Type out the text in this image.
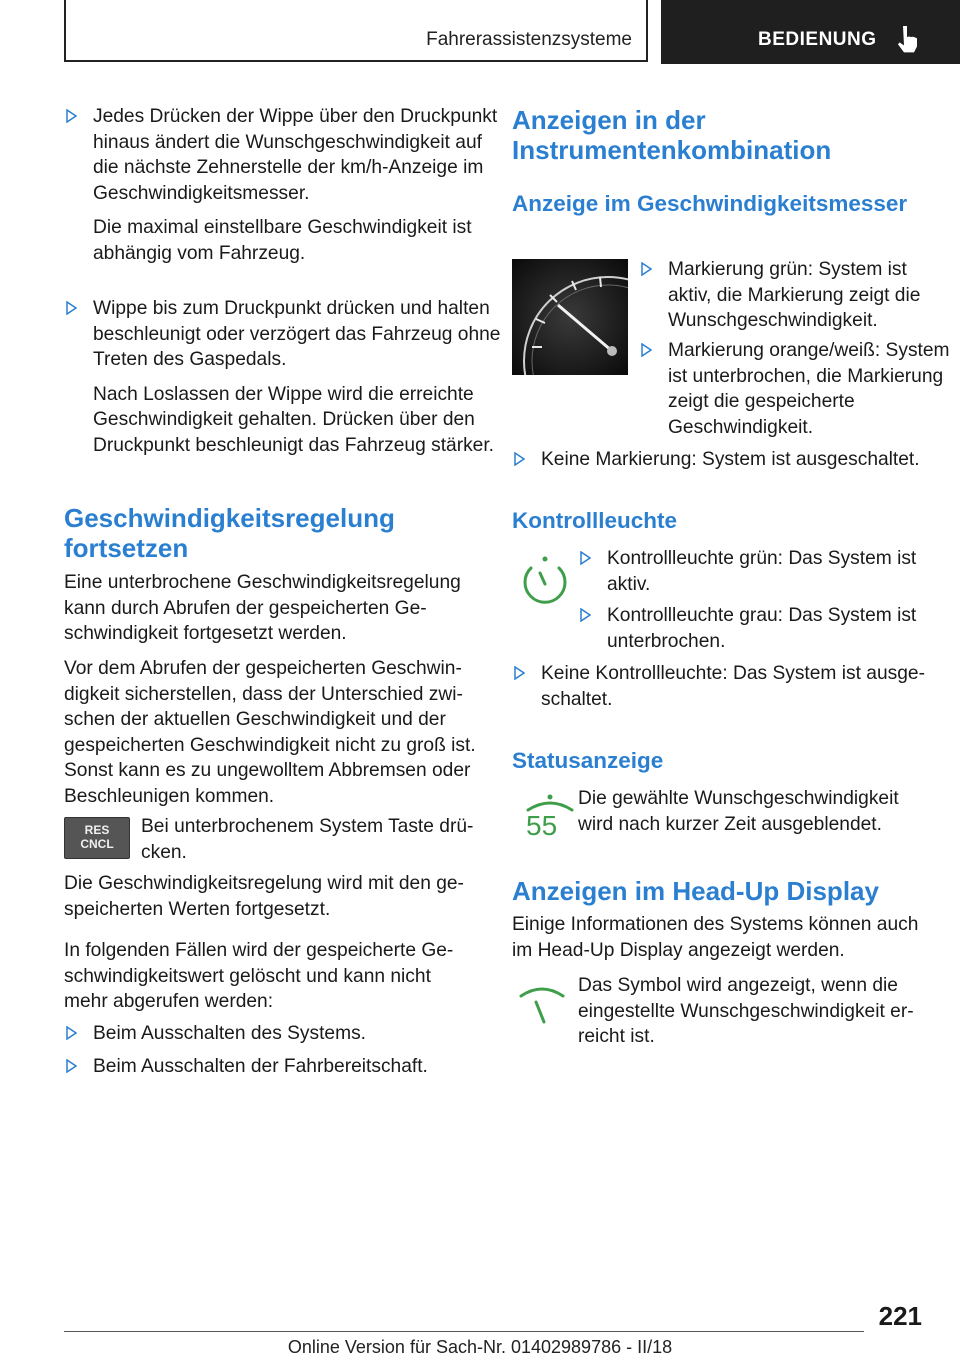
Fahrerassistenzsysteme	BEDIENUNG
Jedes Drücken der Wippe über den Druckpunkt hinaus ändert die Wunschgeschwindigkeit auf die nächste Zehnerstelle der km/h-Anzeige im Geschwindigkeitsmesser.
Die maximal einstellbare Geschwindigkeit ist abhängig vom Fahrzeug.
Wippe bis zum Druckpunkt drücken und halten beschleunigt oder verzögert das Fahrzeug ohne Treten des Gaspedals.
Nach Loslassen der Wippe wird die erreichte Geschwindigkeit gehalten. Drücken über den Druckpunkt beschleunigt das Fahrzeug stärker.
Geschwindigkeitsregelung fortsetzen

Eine unterbrochene Geschwindigkeitsregelung kann durch Abrufen der gespeicherten Geschwindigkeit fortgesetzt werden.

Vor dem Abrufen der gespeicherten Geschwindigkeit sicherstellen, dass der Unterschied zwischen der aktuellen Geschwindigkeit und der gespeicherten Geschwindigkeit nicht zu groß ist. Sonst kann es zu ungewolltem Abbremsen oder Beschleunigen kommen.

RES
CNCL

Bei unterbrochenem System Taste drücken.

Die Geschwindigkeitsregelung wird mit den gespeicherten Werten fortgesetzt.

In folgenden Fällen wird der gespeicherte Geschwindigkeitswert gelöscht und kann nicht mehr abgerufen werden:

Beim Ausschalten des Systems.
Beim Ausschalten der Fahrbereitschaft.
Anzeigen in der Instrumentenkombination
Anzeige im Geschwindigkeitsmesser
Markierung grün: System ist aktiv, die Markierung zeigt die Wunschgeschwindigkeit.
Markierung orange/weiß: System ist unterbrochen, die Markierung zeigt die gespeicherte Geschwindigkeit.
Keine Markierung: System ist ausgeschaltet.
Kontrollleuchte
Kontrollleuchte grün: Das System ist aktiv.
Kontrollleuchte grau: Das System ist unterbrochen.
Keine Kontrollleuchte: Das System ist ausgeschaltet.
Statusanzeige
55

Die gewählte Wunschgeschwindigkeit wird nach kurzer Zeit ausgeblendet.

Anzeigen im Head-Up Display

Einige Informationen des Systems können auch im Head-Up Display angezeigt werden.

Das Symbol wird angezeigt, wenn die eingestellte Wunschgeschwindigkeit erreicht ist.

221
Online Version für Sach-Nr. 01402989786 - II/18
